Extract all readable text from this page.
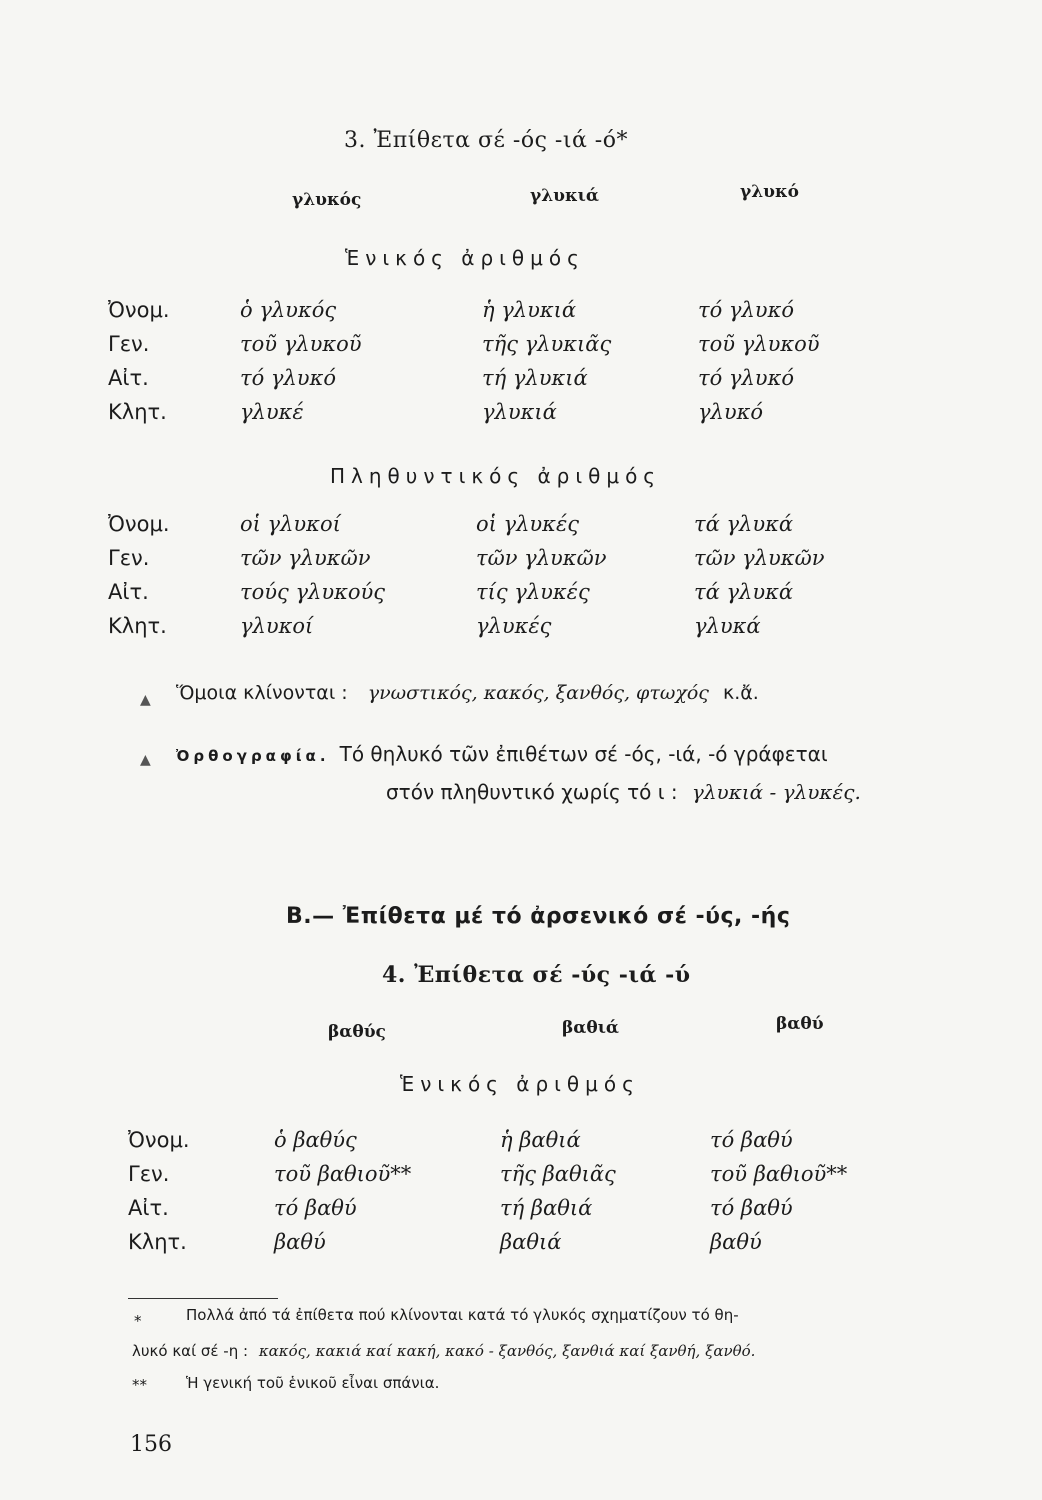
3. Ἐπίθετα σέ -ός -ιά -ό*
γλυκός	γλυκιά	γλυκό
Ἑνικός ἀριθμός
Ὀνομ.	ὁ γλυκός	ἡ γλυκιά	τό γλυκό
Γεν.	τοῦ γλυκοῦ	τῆς γλυκιᾶς	τοῦ γλυκοῦ
Αἰτ.	τό γλυκό	τή γλυκιά	τό γλυκό
Κλητ.	γλυκέ	γλυκιά	γλυκό
Πληθυντικός ἀριθμός
Ὀνομ.	οἱ γλυκοί	οἱ γλυκές	τά γλυκά
Γεν.	τῶν γλυκῶν	τῶν γλυκῶν	τῶν γλυκῶν
Αἰτ.	τούς γλυκούς	τίς γλυκές	τά γλυκά
Κλητ.	γλυκοί	γλυκές	γλυκά
▲ Ὅμοια κλίνονται : γνωστικός, κακός, ξανθός, φτωχός κ.ἄ.
▲ Ὀρθογραφία. Τό θηλυκό τῶν ἐπιθέτων σέ -ός, -ιά, -ό γράφεται
στόν πληθυντικό χωρίς τό ι : γλυκιά - γλυκές.
Β.— Ἐπίθετα μέ τό ἀρσενικό σέ -ύς, -ής
4. Ἐπίθετα σέ -ύς -ιά -ύ
βαθύς	βαθιά	βαθύ
Ἑνικός ἀριθμός
Ὀνομ.	ὁ βαθύς	ἡ βαθιά	τό βαθύ
Γεν.	τοῦ βαθιοῦ**	τῆς βαθιᾶς	τοῦ βαθιοῦ**
Αἰτ.	τό βαθύ	τή βαθιά	τό βαθύ
Κλητ.	βαθύ	βαθιά	βαθύ
*	Πολλά ἀπό τά ἐπίθετα πού κλίνονται κατά τό γλυκός σχηματίζουν τό θη-
λυκό καί σέ -η : κακός, κακιά καί κακή, κακό - ξανθός, ξανθιά καί ξανθή, ξανθό.
**	Ἡ γενική τοῦ ἑνικοῦ εἶναι σπάνια.
156
